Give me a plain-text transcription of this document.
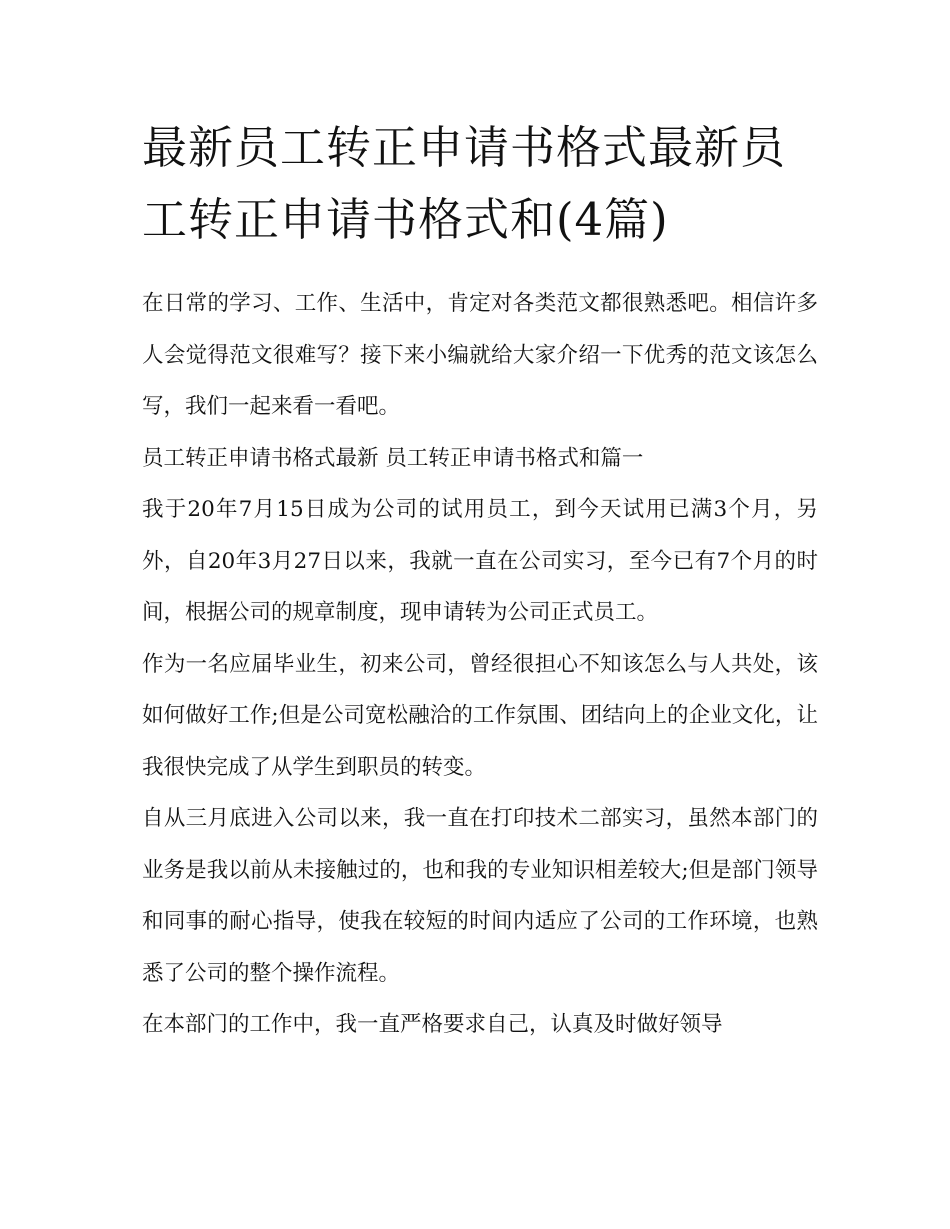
最新员工转正申请书格式最新员工转正申请书格式和(4篇)

在日常的学习、工作、生活中，肯定对各类范文都很熟悉吧。相信许多人会觉得范文很难写？接下来小编就给大家介绍一下优秀的范文该怎么写，我们一起来看一看吧。

员工转正申请书格式最新 员工转正申请书格式和篇一

我于20年7月15日成为公司的试用员工，到今天试用已满3个月，另外，自20年3月27日以来，我就一直在公司实习，至今已有7个月的时间，根据公司的规章制度，现申请转为公司正式员工。

作为一名应届毕业生，初来公司，曾经很担心不知该怎么与人共处，该如何做好工作;但是公司宽松融洽的工作氛围、团结向上的企业文化，让我很快完成了从学生到职员的转变。

自从三月底进入公司以来，我一直在打印技术二部实习，虽然本部门的业务是我以前从未接触过的，也和我的专业知识相差较大;但是部门领导和同事的耐心指导，使我在较短的时间内适应了公司的工作环境，也熟悉了公司的整个操作流程。

在本部门的工作中，我一直严格要求自己，认真及时做好领导
